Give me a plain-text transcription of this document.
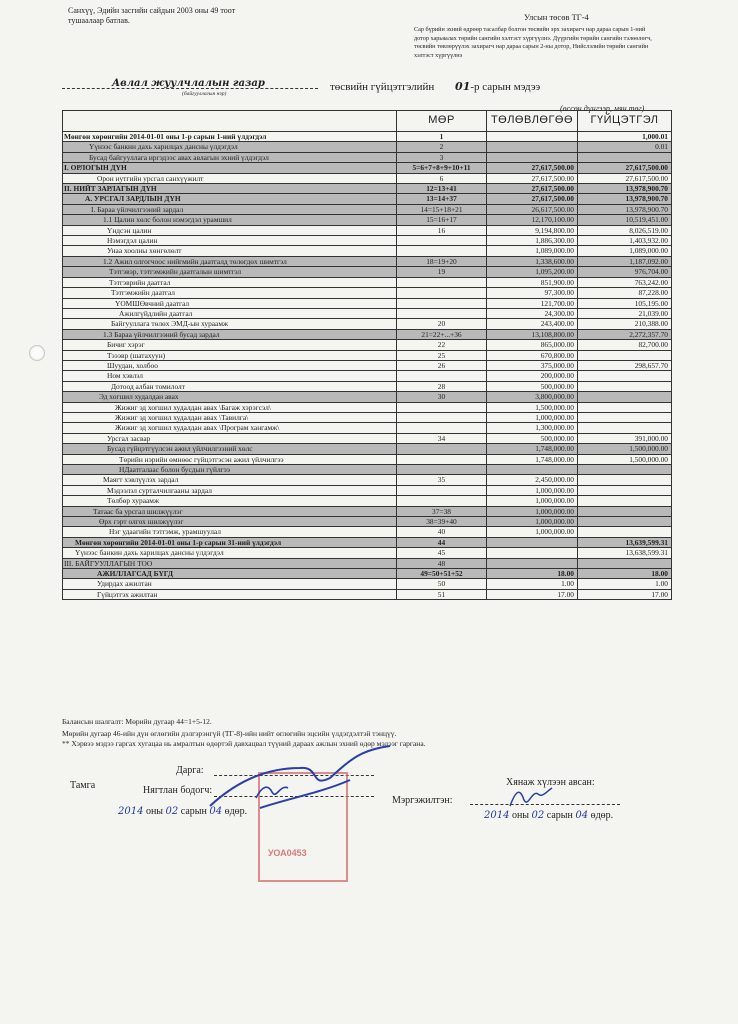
Санхүү, Эдийн засгийн сайдын 2003 оны 49 тоот
тушаалаар батлав.	Улсын төсөв ТГ-4
Сар бүрийн эхний өдрөөр тасалбар болгон төсвийн эрх захирагч нар дараа сарын 1-ний дотор харьяалах төрийн сангийн хэлтэст хүргүүлнэ. Дүүргийн төрийн сангийн тэлөөлөгч, төсвийн төвлөрүүлэх захирагч нар дараа сарын 2-ны дотор, Нийслэлийн төрийн сангийн хэлтэст хүргүүлнэ
Авлал жуулчлалын газар
(байгууллагын нэр)
төсвийн гүйцэтгэлийн 01-р сарын мэдээ
(өссөн дүнгээр, мян.төг)
	МӨР	ТӨЛӨВЛӨГӨӨ	ГҮЙЦЭТГЭЛ
Мөнгөн хөрөнгийн 2014-01-01 оны 1-р сарын 1-ний үлдэгдэл	1		1,000.01
Үүнээс банкин дахь харилцах дансны үлдэгдэл	2		0.01
Бусад байгууллага иргэдээс авах авлагын эхний үлдэгдэл	3		
I. ОРЛОГЫН ДҮН	5=6+7+8+9+10+11	27,617,500.00	27,617,500.00
Орон нутгийн урсгал санхүүжилт	6	27,617,500.00	27,617,500.00
II. НИЙТ ЗАРЛАГЫН ДҮН	12=13+41	27,617,500.00	13,978,900.70
А. УРСГАЛ ЗАРДЛЫН ДҮН	13=14+37	27,617,500.00	13,978,900.70
I. Бараа үйлчилгээний зардал	14=15+18+21	26,617,500.00	13,978,900.70
1.1 Цалин хөлс болон нэмэгдэл урамшил	15=16+17	12,170,100.00	10,519,451.00
Үндсэн цалин	16	9,194,800.00	8,026,519.00
Нэмэгдэл цалин		1,886,300.00	1,403,932.00
Унаа хоолны хөнгөлөлт		1,089,000.00	1,089,000.00
1.2 Ажил олгогчоос нийгмийн даатгалд төлөгдөх шимтгэл	18=19+20	1,338,600.00	1,187,092.00
Тэтгэвэр, тэтгэмжийн даатгалын шимтгэл	19	1,095,200.00	976,704.00
Тэтгэврийн даатгал		851,900.00	763,242.00
Тэтгэмжийн даатгал		97,300.00	87,228.00
ҮОМШӨвчний даатгал		121,700.00	105,195.00
Ажилгүйдлийн даатгал		24,300.00	21,039.00
Байгууллага төлөх ЭМД-ын хураамж	20	243,400.00	210,388.00
1.3 Бараа үйлчилгээний бусад зардал	21=22+...+36	13,108,800.00	2,272,357.70
Бичиг хэрэг	22	865,000.00	82,700.00
Тэээвр (шатахуун)	25	670,800.00	
Шуудан, холбоо	26	375,000.00	298,657.70
Ном хэвлэл		200,000.00	
Дотоод албан томилолт	28	500,000.00	
Эд хогшил худалдан авах	30	3,800,000.00	
Жижиг эд хогшил худалдан авах \Багаж хэрэгсэл\		1,500,000.00	
Жижиг эд хогшил худалдан авах \Тавилга\		1,000,000.00	
Жижиг эд хогшил худалдан авах \Програм хангамж\		1,300,000.00	
Урсгал засвар	34	500,000.00	391,000.00
Бусад гүйцэтгүүлсэн ажил үйлчилгээний хөлс		1,748,000.00	1,500,000.00
Төрийн нэрийн өмнөөс гүйцэтгэсэн ажил үйлчилгээ		1,748,000.00	1,500,000.00
НДаатгалаас болон бусдын гүйлгээ			
Маягт хэвлүүлэх зардал	35	2,450,000.00	
Мэдээлэл сурталчилгааны зардал		1,000,000.00	
Төлбөр хураамж		1,000,000.00	
Татаас ба урсгал шилжүүлэг	37=38	1,000,000.00	
Өрх гэрт олгох шилжүүлэг	38=39+40	1,000,000.00	
Нэг удаагийн тэтгэмж, урамшуулал	40	1,000,000.00	
Мөнгөн хөрөнгийн 2014-01-01 оны 1-р сарын 31-ний үлдэгдэл	44		13,639,599.31
Үүнээс банкин дахь харилцах дансны үлдэгдэл	45		13,638,599.31
III. БАЙГУУЛЛАГЫН ТОО	48		
АЖИЛЛАГСАД БҮГД	49=50+51+52	18.00	18.00
Удирдах ажилтан	50	1.00	1.00
Гүйцэтгэх ажилтан	51	17.00	17.00
Балансын шалгалт: Мөрийн дугаар 44=1+5-12.
Мөрийн дугаар 46-ийн дүн өглөгийн дэлгэрэнгүй (ТГ-8)-ийн нийт өглөгийн эцсийн үлдэгдэлтэй тэнцүү.
** Хэрвээ мэдээ гаргах хугацаа нь амралтын өдөртэй давхацвал түүний дараах ажлын эхний өдөр мэдээг гаргана.
Тамга
Дарга:
Нягтлан бодогч:
УОА0453
2014 оны 02 сарын 04 өдөр.
Хянаж хүлээн авсан:
Мэргэжилтэн:
2014 оны 02 сарын 04 өдөр.
